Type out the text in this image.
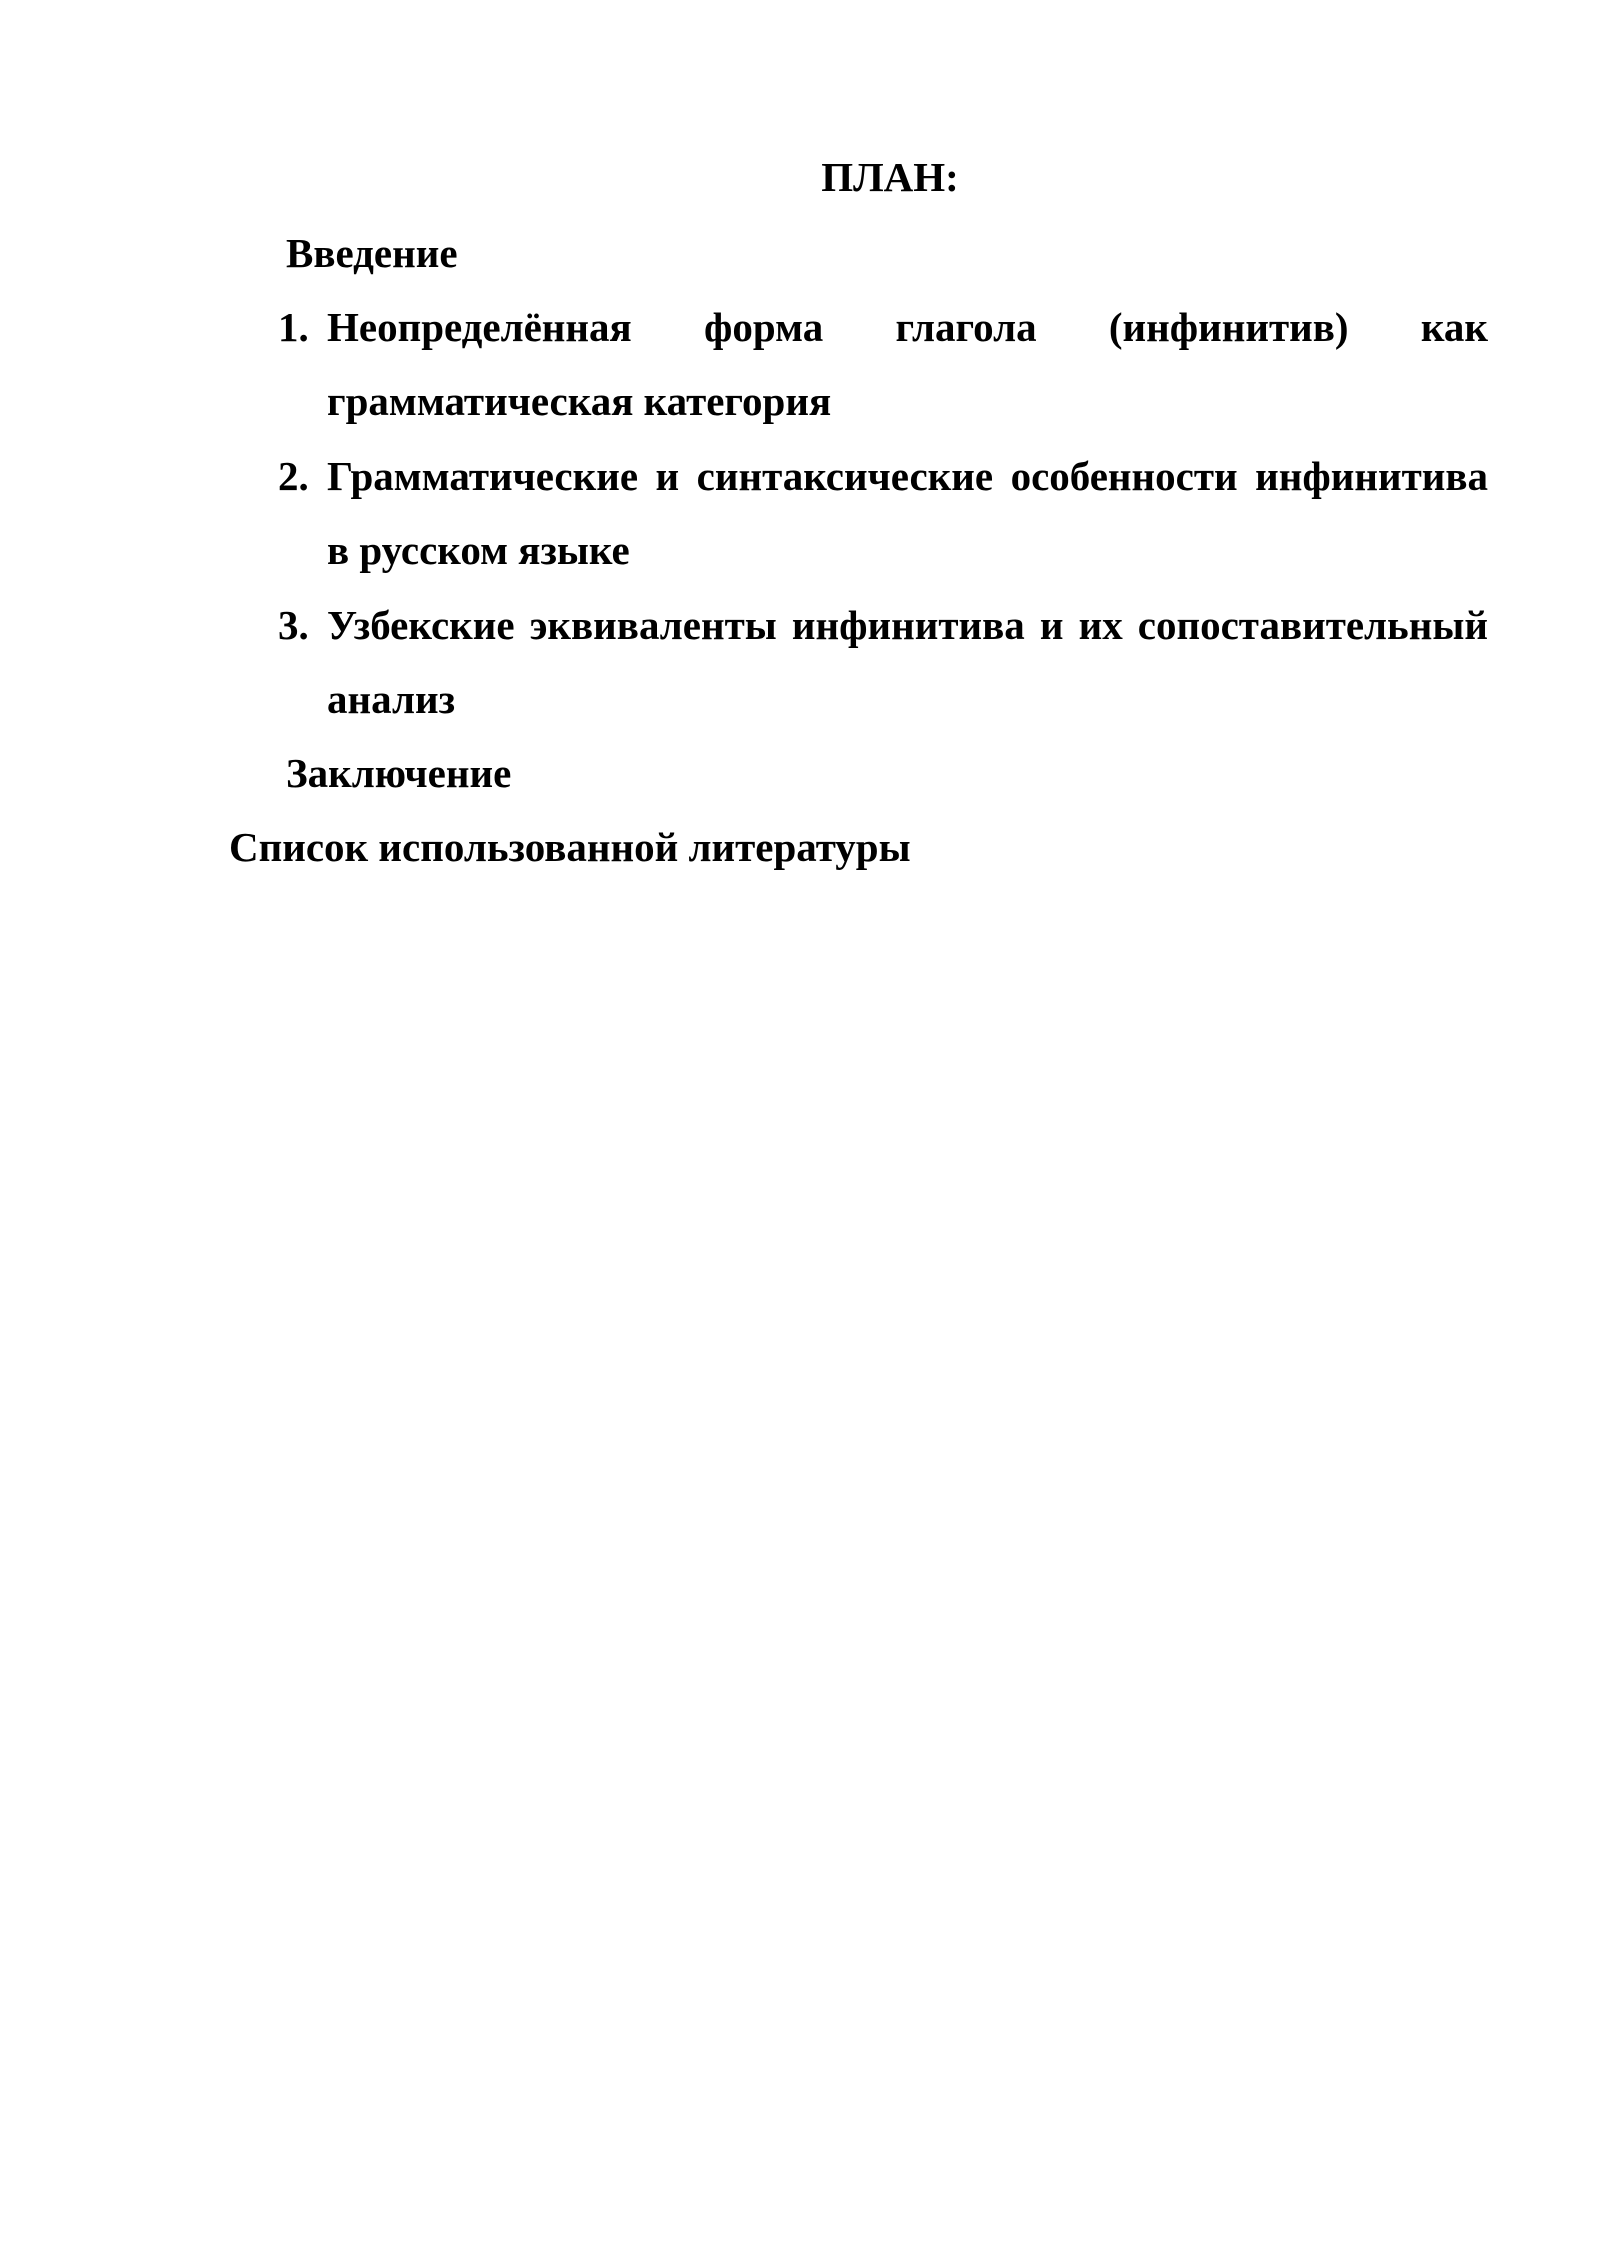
ПЛАН:
Введение
1. Неопределённая форма глагола (инфинитив) как грамматическая категория
2. Грамматические и синтаксические особенности инфинитива в русском языке
3. Узбекские эквиваленты инфинитива и их сопоставительный анализ
Заключение
Список использованной литературы
